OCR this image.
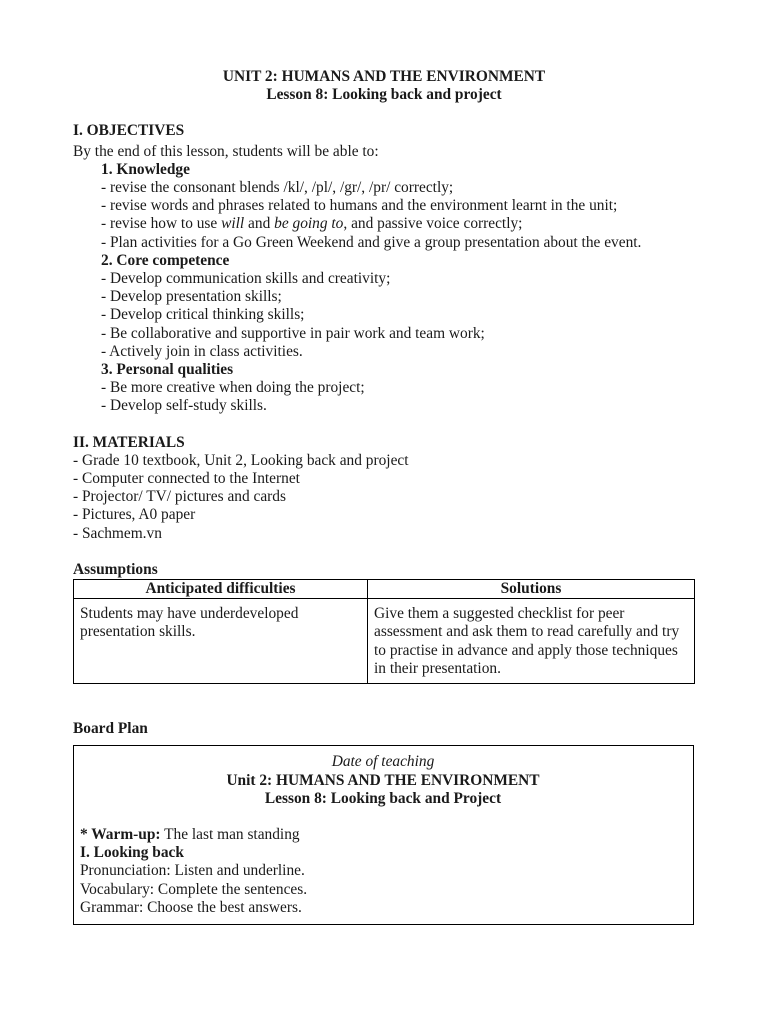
UNIT 2: HUMANS AND THE ENVIRONMENT
Lesson 8: Looking back and project
I. OBJECTIVES
By the end of this lesson, students will be able to:
1. Knowledge
- revise the consonant blends /kl/, /pl/, /gr/, /pr/ correctly;
- revise words and phrases related to humans and the environment learnt in the unit;
- revise how to use will and be going to, and passive voice correctly;
- Plan activities for a Go Green Weekend and give a group presentation about the event.
2. Core competence
- Develop communication skills and creativity;
- Develop presentation skills;
- Develop critical thinking skills;
- Be collaborative and supportive in pair work and team work;
- Actively join in class activities.
3. Personal qualities
- Be more creative when doing the project;
- Develop self-study skills.
II. MATERIALS
- Grade 10 textbook, Unit 2, Looking back and project
- Computer connected to the Internet
- Projector/ TV/ pictures and cards
- Pictures, A0 paper
- Sachmem.vn
Assumptions
Anticipated difficulties	Solutions
Students may have underdeveloped presentation skills.	Give them a suggested checklist for peer assessment and ask them to read carefully and try to practise in advance and apply those techniques in their presentation.
Board Plan
Date of teaching
Unit 2: HUMANS AND THE ENVIRONMENT
Lesson 8: Looking back and Project
* Warm-up: The last man standing
I. Looking back
Pronunciation: Listen and underline.
Vocabulary: Complete the sentences.
Grammar: Choose the best answers.
